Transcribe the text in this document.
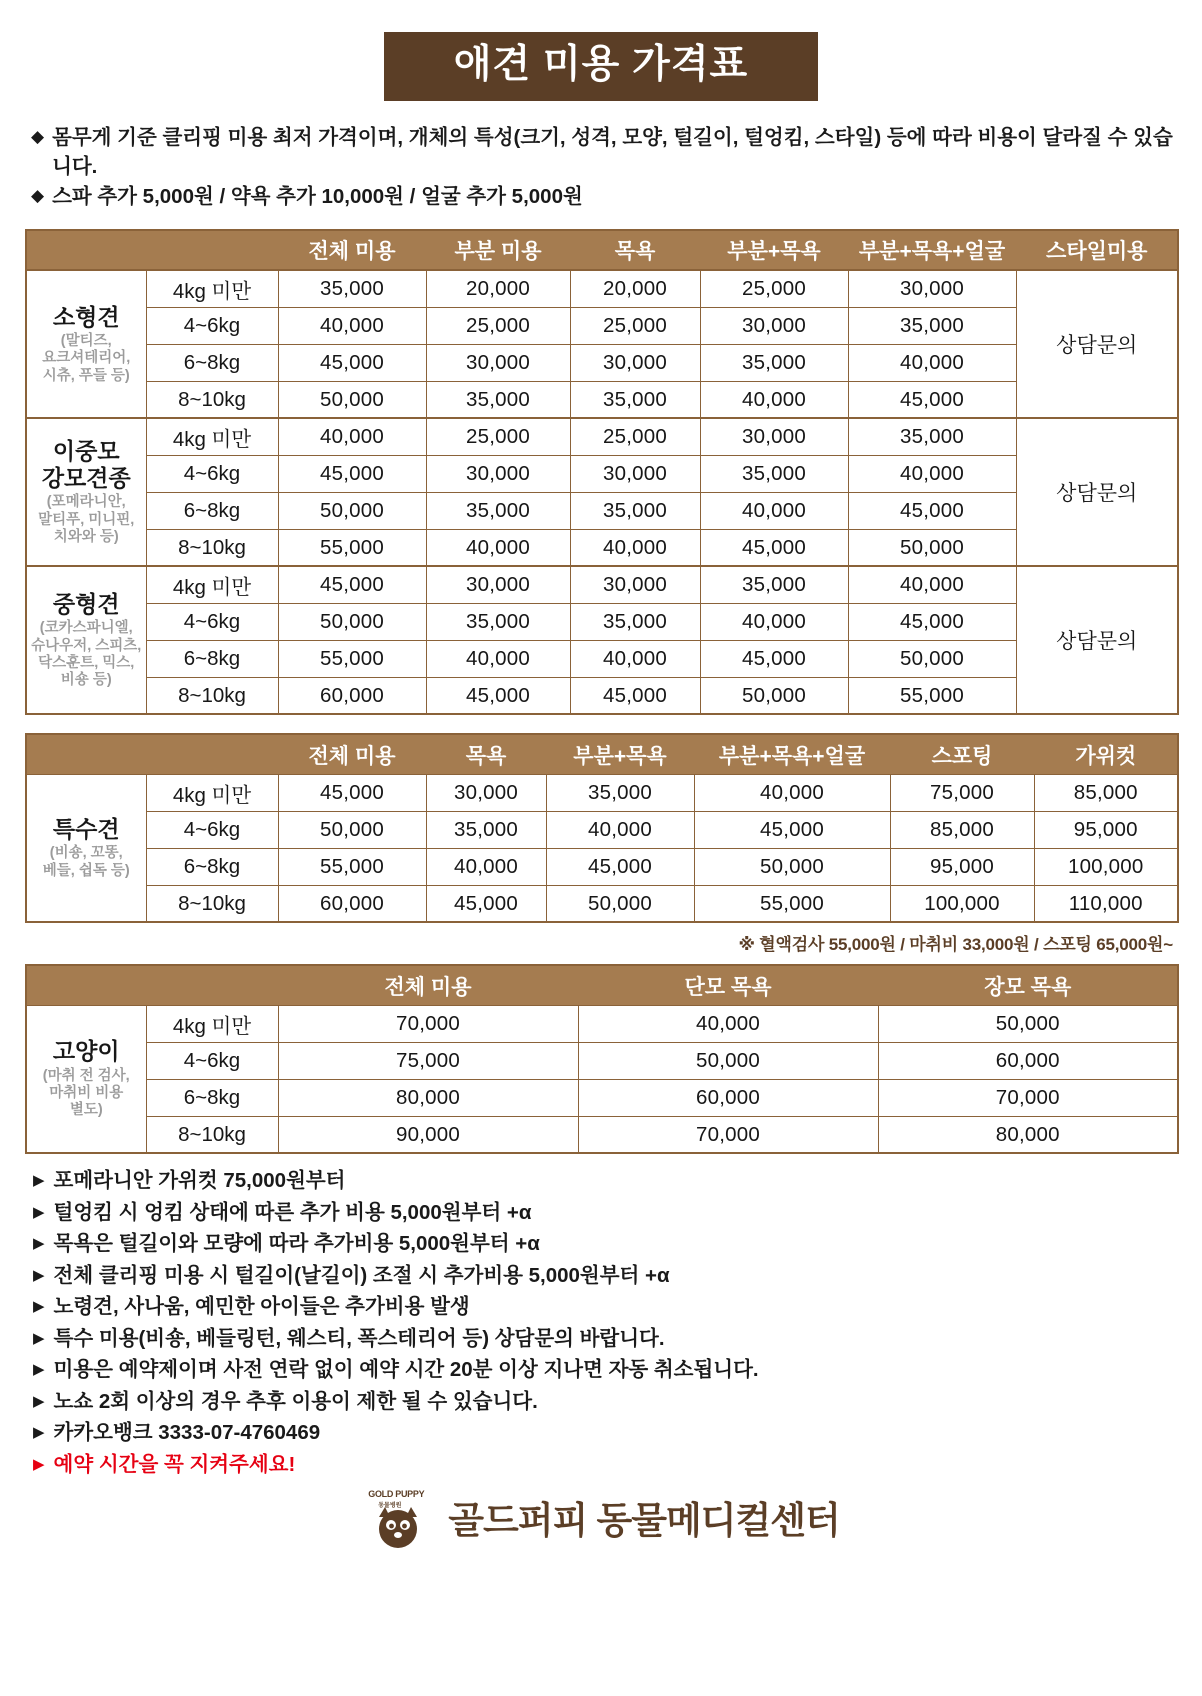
애견 미용 가격표
◆ 몸무게 기준 클리핑 미용 최저 가격이며, 개체의 특성(크기, 성격, 모양, 털길이, 털엉킴, 스타일) 등에 따라 비용이 달라질 수 있습니다.
◆ 스파 추가 5,000원 / 약욕 추가 10,000원 / 얼굴 추가 5,000원
		전체 미용	부분 미용	목욕	부분+목욕	부분+목욕+얼굴	스타일미용
소형견
(말티즈,
요크셔테리어,
시츄, 푸들 등)	4kg 미만	35,000	20,000	20,000	25,000	30,000	상담문의
	4~6kg	40,000	25,000	25,000	30,000	35,000	
	6~8kg	45,000	30,000	30,000	35,000	40,000	
	8~10kg	50,000	35,000	35,000	40,000	45,000	
이중모
강모견종
(포메라니안,
말티푸, 미니핀,
치와와 등)	4kg 미만	40,000	25,000	25,000	30,000	35,000	상담문의
	4~6kg	45,000	30,000	30,000	35,000	40,000	
	6~8kg	50,000	35,000	35,000	40,000	45,000	
	8~10kg	55,000	40,000	40,000	45,000	50,000	
중형견
(코카스파니엘,
슈나우저, 스피츠,
닥스훈트, 믹스,
비숑 등)	4kg 미만	45,000	30,000	30,000	35,000	40,000	상담문의
	4~6kg	50,000	35,000	35,000	40,000	45,000	
	6~8kg	55,000	40,000	40,000	45,000	50,000	
	8~10kg	60,000	45,000	45,000	50,000	55,000	
		전체 미용	목욕	부분+목욕	부분+목욕+얼굴	스포팅	가위컷
특수견
(비숑, 꼬똥,
베들, 쉽독 등)	4kg 미만	45,000	30,000	35,000	40,000	75,000	85,000
	4~6kg	50,000	35,000	40,000	45,000	85,000	95,000
	6~8kg	55,000	40,000	45,000	50,000	95,000	100,000
	8~10kg	60,000	45,000	50,000	55,000	100,000	110,000
※ 혈액검사 55,000원 / 마취비 33,000원 / 스포팅 65,000원~
		전체 미용	단모 목욕	장모 목욕
고양이
(마취 전 검사,
마취비 비용
별도)	4kg 미만	70,000	40,000	50,000
	4~6kg	75,000	50,000	60,000
	6~8kg	80,000	60,000	70,000
	8~10kg	90,000	70,000	80,000
▶ 포메라니안 가위컷 75,000원부터
▶ 털엉킴 시 엉킴 상태에 따른 추가 비용 5,000원부터 +α
▶ 목욕은 털길이와 모량에 따라 추가비용 5,000원부터 +α
▶ 전체 클리핑 미용 시 털길이(날길이) 조절 시 추가비용 5,000원부터 +α
▶ 노령견, 사나움, 예민한 아이들은 추가비용 발생
▶ 특수 미용(비숑, 베들링턴, 웨스티, 폭스테리어 등) 상담문의 바랍니다.
▶ 미용은 예약제이며 사전 연락 없이 예약 시간 20분 이상 지나면 자동 취소됩니다.
▶ 노쇼 2회 이상의 경우 추후 이용이 제한 될 수 있습니다.
▶ 카카오뱅크 3333-07-4760469
▶ 예약 시간을 꼭 지켜주세요!
GOLD PUPPY
동물병원 골드퍼피 동물메디컬센터
